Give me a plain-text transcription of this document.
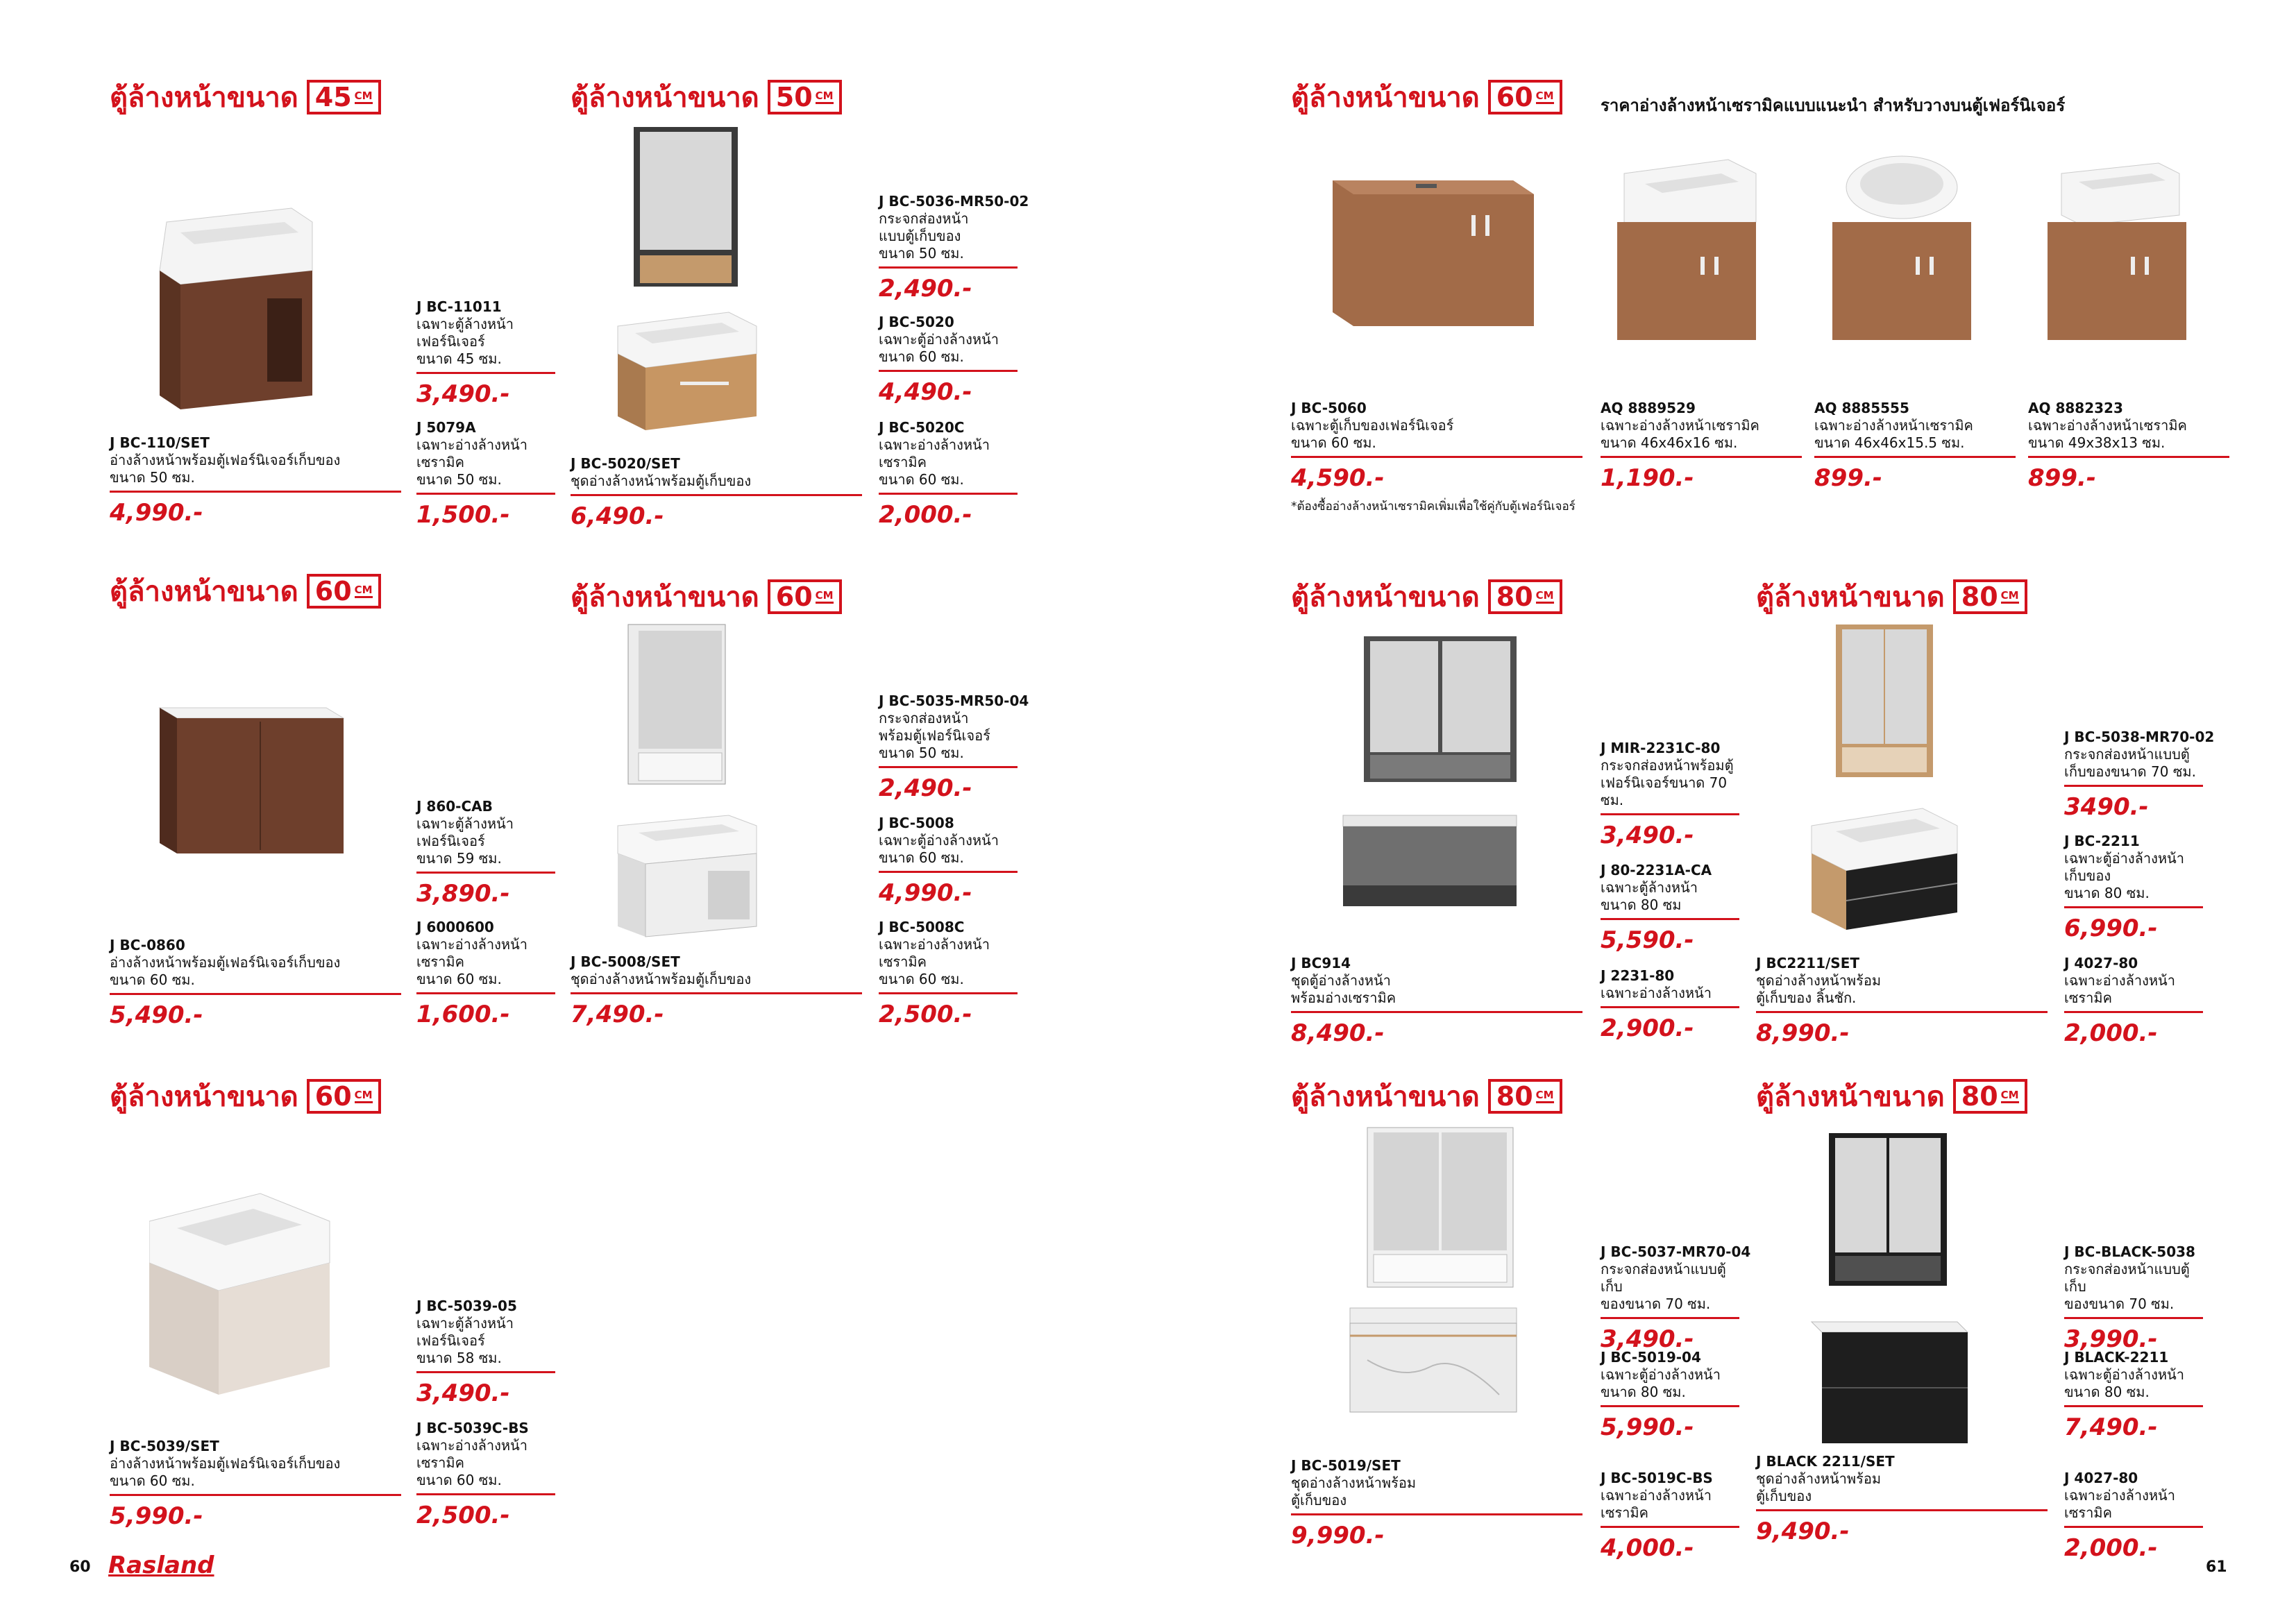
ตู้ล้างหน้าขนาด 45 CM	ตู้ล้างหน้าขนาด 50 CM	ตู้ล้างหน้าขนาด 60 CM
ราคาอ่างล้างหน้าเซรามิคแบบแนะนำ สำหรับวางบนตู้เฟอร์นิเจอร์
ตู้ล้างหน้าขนาด 60 CM	ตู้ล้างหน้าขนาด 60 CM
ตู้ล้างหน้าขนาด 60 CM
ตู้ล้างหน้าขนาด 80 CM	ตู้ล้างหน้าขนาด 80 CM
ตู้ล้างหน้าขนาด 80 CM	ตู้ล้างหน้าขนาด 80 CM
J BC-110/SET
อ่างล้างหน้าพร้อมตู้เฟอร์นิเจอร์เก็บของ
ขนาด 50 ซม.
4,990.-
J BC-11011
เฉพาะตู้ล้างหน้า
เฟอร์นิเจอร์
ขนาด 45 ซม.
3,490.-
J 5079A
เฉพาะอ่างล้างหน้า
เซรามิค
ขนาด 50 ซม.
1,500.-
J BC-5020/SET
ชุดอ่างล้างหน้าพร้อมตู้เก็บของ
6,490.-
J BC-5036-MR50-02
กระจกส่องหน้า
แบบตู้เก็บของ
ขนาด 50 ซม.
2,490.-
J BC-5020
เฉพาะตู้อ่างล้างหน้า
ขนาด 60 ซม.
4,490.-
J BC-5020C
เฉพาะอ่างล้างหน้า
เซรามิค
ขนาด 60 ซม.
2,000.-
J BC-5060
เฉพาะตู้เก็บของเฟอร์นิเจอร์
ขนาด 60 ซม.
4,590.-
*ต้องซื้ออ่างล้างหน้าเซรามิคเพิ่มเพื่อใช้คู่กับตู้เฟอร์นิเจอร์
AQ 8889529
เฉพาะอ่างล้างหน้าเซรามิค
ขนาด 46x46x16 ซม.
1,190.-
AQ 8885555
เฉพาะอ่างล้างหน้าเซรามิค
ขนาด 46x46x15.5 ซม.
899.-
AQ 8882323
เฉพาะอ่างล้างหน้าเซรามิค
ขนาด 49x38x13 ซม.
899.-
J BC-0860
อ่างล้างหน้าพร้อมตู้เฟอร์นิเจอร์เก็บของ
ขนาด 60 ซม.
5,490.-
J 860-CAB
เฉพาะตู้ล้างหน้า
เฟอร์นิเจอร์
ขนาด 59 ซม.
3,890.-
J 6000600
เฉพาะอ่างล้างหน้า
เซรามิค
ขนาด 60 ซม.
1,600.-
J BC-5008/SET
ชุดอ่างล้างหน้าพร้อมตู้เก็บของ
7,490.-
J BC-5035-MR50-04
กระจกส่องหน้า
พร้อมตู้เฟอร์นิเจอร์
ขนาด 50 ซม.
2,490.-
J BC-5008
เฉพาะตู้อ่างล้างหน้า
ขนาด 60 ซม.
4,990.-
J BC-5008C
เฉพาะอ่างล้างหน้า
เซรามิค
ขนาด 60 ซม.
2,500.-
J BC914
ชุดตู้อ่างล้างหน้า
พร้อมอ่างเซรามิค
8,490.-
J MIR-2231C-80
กระจกส่องหน้าพร้อมตู้
เฟอร์นิเจอร์ขนาด 70 ซม.
3,490.-
J 80-2231A-CA
เฉพาะตู้ล้างหน้า
ขนาด 80 ซม
5,590.-
J 2231-80
เฉพาะอ่างล้างหน้า
2,900.-
J BC2211/SET
ชุดอ่างล้างหน้าพร้อม
ตู้เก็บของ ลิ้นชัก.
8,990.-
J BC-5038-MR70-02
กระจกส่องหน้าแบบตู้
เก็บของขนาด 70 ซม.
3490.-
J BC-2211
เฉพาะตู้อ่างล้างหน้า
เก็บของ
ขนาด 80 ซม.
6,990.-
J 4027-80
เฉพาะอ่างล้างหน้า
เซรามิค
2,000.-
J BC-5039/SET
อ่างล้างหน้าพร้อมตู้เฟอร์นิเจอร์เก็บของ
ขนาด 60 ซม.
5,990.-
J BC-5039-05
เฉพาะตู้ล้างหน้า
เฟอร์นิเจอร์
ขนาด 58 ซม.
3,490.-
J BC-5039C-BS
เฉพาะอ่างล้างหน้า
เซรามิค
ขนาด 60 ซม.
2,500.-
J BC-5019/SET
ชุดอ่างล้างหน้าพร้อม
ตู้เก็บของ
9,990.-
J BC-5037-MR70-04
กระจกส่องหน้าแบบตู้เก็บ
ของขนาด 70 ซม.
3,490.-
J BC-5019-04
เฉพาะตู้อ่างล้างหน้า
ขนาด 80 ซม.
5,990.-
J BC-5019C-BS
เฉพาะอ่างล้างหน้าเซรามิค
4,000.-
J BLACK 2211/SET
ชุดอ่างล้างหน้าพร้อม
ตู้เก็บของ
9,490.-
J BC-BLACK-5038
กระจกส่องหน้าแบบตู้เก็บ
ของขนาด 70 ซม.
3,990.-
J BLACK-2211
เฉพาะตู้อ่างล้างหน้า
ขนาด 80 ซม.
7,490.-
J 4027-80
เฉพาะอ่างล้างหน้าเซรามิค
2,000.-
60 Rasland	61
